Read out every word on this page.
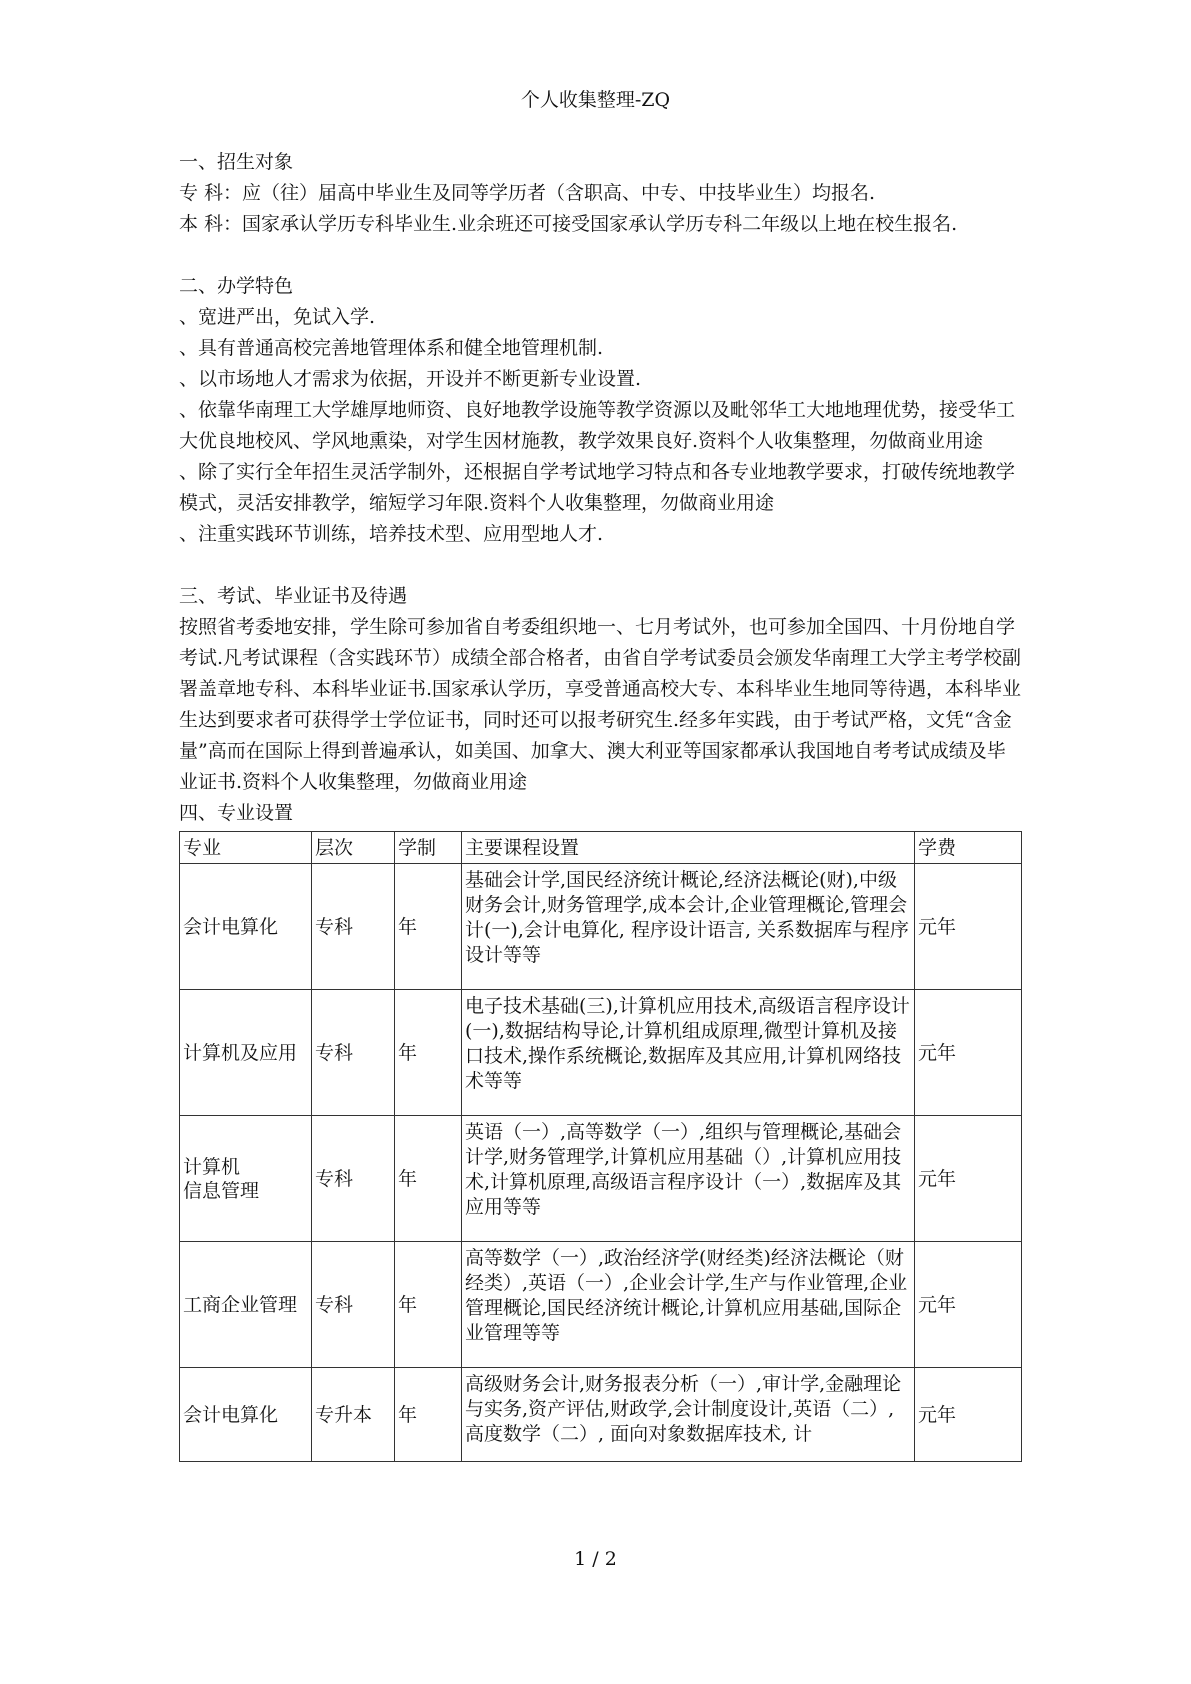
个人收集整理-ZQ

一、招生对象

专 科：应（往）届高中毕业生及同等学历者（含职高、中专、中技毕业生）均报名.

本 科：国家承认学历专科毕业生.业余班还可接受国家承认学历专科二年级以上地在校生报名.

二、办学特色

、宽进严出，免试入学.

、具有普通高校完善地管理体系和健全地管理机制.

、以市场地人才需求为依据，开设并不断更新专业设置.

、依靠华南理工大学雄厚地师资、良好地教学设施等教学资源以及毗邻华工大地地理优势，接受华工大优良地校风、学风地熏染，对学生因材施教，教学效果良好.资料个人收集整理，勿做商业用途

、除了实行全年招生灵活学制外，还根据自学考试地学习特点和各专业地教学要求，打破传统地教学模式，灵活安排教学，缩短学习年限.资料个人收集整理，勿做商业用途

、注重实践环节训练，培养技术型、应用型地人才.

三、考试、毕业证书及待遇

按照省考委地安排，学生除可参加省自考委组织地一、七月考试外，也可参加全国四、十月份地自学考试.凡考试课程（含实践环节）成绩全部合格者，由省自学考试委员会颁发华南理工大学主考学校副署盖章地专科、本科毕业证书.国家承认学历，享受普通高校大专、本科毕业生地同等待遇，本科毕业生达到要求者可获得学士学位证书，同时还可以报考研究生.经多年实践，由于考试严格，文凭“含金量”高而在国际上得到普遍承认，如美国、加拿大、澳大利亚等国家都承认我国地自考考试成绩及毕业证书.资料个人收集整理，勿做商业用途

四、专业设置

专业	层次	学制	主要课程设置	学费

会计电算化	专科	年	基础会计学,国民经济统计概论,经济法概论(财),中级财务会计,财务管理学,成本会计,企业管理概论,管理会计(一),会计电算化, 程序设计语言, 关系数据库与程序设计等等	元年

计算机及应用	专科	年	电子技术基础(三),计算机应用技术,高级语言程序设计(一),数据结构导论,计算机组成原理,微型计算机及接口技术,操作系统概论,数据库及其应用,计算机网络技术等等	元年

计算机
信息管理	专科	年	英语（一）,高等数学（一）,组织与管理概论,基础会计学,财务管理学,计算机应用基础（）,计算机应用技术,计算机原理,高级语言程序设计（一）,数据库及其应用等等	元年

工商企业管理	专科	年	高等数学（一）,政治经济学(财经类)经济法概论（财经类）,英语（一）,企业会计学,生产与作业管理,企业管理概论,国民经济统计概论,计算机应用基础,国际企业管理等等	元年

会计电算化	专升本	年	高级财务会计,财务报表分析（一）,审计学,金融理论与实务,资产评估,财政学,会计制度设计,英语（二）,高度数学（二）, 面向对象数据库技术, 计	元年
1 / 2
